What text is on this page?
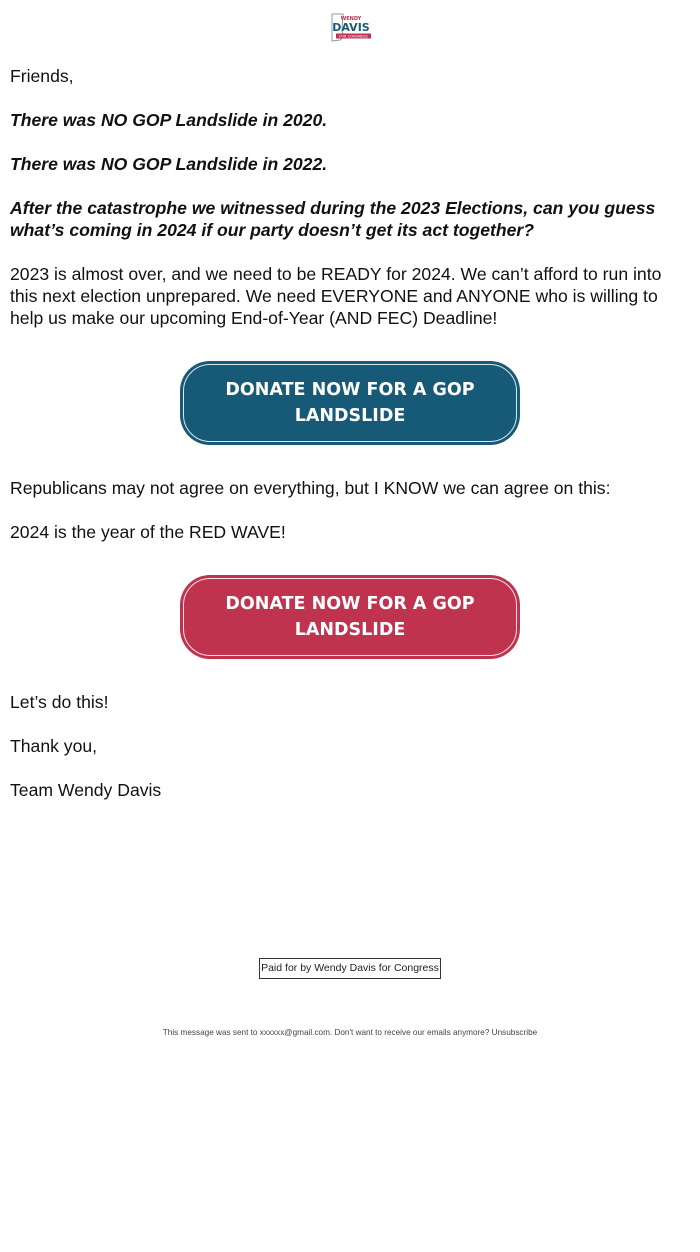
WENDY
DAVIS
FOR CONGRESS

Friends,

There was NO GOP Landslide in 2020.

There was NO GOP Landslide in 2022.

After the catastrophe we witnessed during the 2023 Elections, can you guess what’s coming in 2024 if our party doesn’t get its act together?

2023 is almost over, and we need to be READY for 2024. We can’t afford to run into this next election unprepared. We need EVERYONE and ANYONE who is willing to help us make our upcoming End-of-Year (AND FEC) Deadline!

DONATE NOW FOR A GOP LANDSLIDE

Republicans may not agree on everything, but I KNOW we can agree on this:

2024 is the year of the RED WAVE!

DONATE NOW FOR A GOP LANDSLIDE

Let’s do this!

Thank you,

Team Wendy Davis

Paid for by Wendy Davis for Congress
This message was sent to xxxxxx@gmail.com. Don't want to receive our emails anymore? Unsubscribe
